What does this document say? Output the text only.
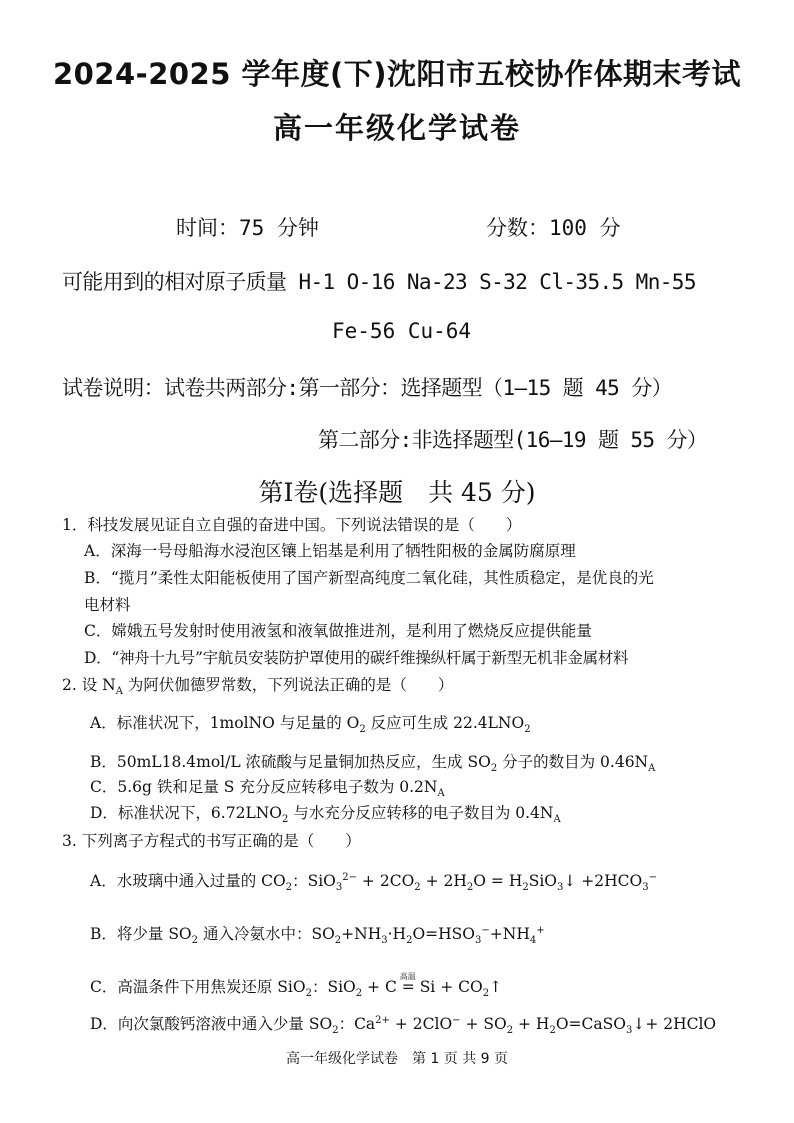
2024-2025 学年度(下)沈阳市五校协作体期末考试
高一年级化学试卷
时间：75 分钟	分数：100 分
可能用到的相对原子质量 H-1 O-16 Na-23 S-32 Cl-35.5 Mn-55
Fe-56 Cu-64
试卷说明：试卷共两部分:第一部分：选择题型（1—15 题 45 分）
第二部分:非选择题型(16—19 题 55 分）
第Ⅰ卷(选择题　共 45 分)
1．科技发展见证自立自强的奋进中国。下列说法错误的是（　　）
A．深海一号母船海水浸泡区镶上铝基是利用了牺牲阳极的金属防腐原理
B．“揽月”柔性太阳能板使用了国产新型高纯度二氧化硅，其性质稳定，是优良的光
电材料
C．嫦娥五号发射时使用液氢和液氧做推进剂，是利用了燃烧反应提供能量
D．“神舟十九号”宇航员安装防护罩使用的碳纤维操纵杆属于新型无机非金属材料
2. 设 $N_A$ 为阿伏伽德罗常数，下列说法正确的是（　　）
A．标准状况下，1molNO 与足量的 $O_2$ 反应可生成 $22.4LNO_2$
B．50mL18.4mol/L 浓硫酸与足量铜加热反应，生成 $SO_2$ 分子的数目为 $0.46N_A$
C．5.6g 铁和足量 S 充分反应转移电子数为 $0.2N_A$
D．标准状况下，$6.72LNO_2$ 与水充分反应转移的电子数目为 $0.4N_A$
3. 下列离子方程式的书写正确的是（　　）
A．水玻璃中通入过量的 $CO_2$：$SiO_3^{2-} + 2CO_2 + 2H_2O$ = $H_2SiO_3↓ +2HCO_3^-$
B．将少量 $SO_2$ 通入冷氨水中：$SO_2+NH_3\cdot H_2O=HSO_3^-+NH_4^+$
C．高温条件下用焦炭还原 SiO$_2$：SiO$_2$ + C
高温
= $Si + CO_2↑$
D．向次氯酸钙溶液中通入少量 $SO_2$：$Ca^{2+} + 2ClO^- + SO_2$ + $H_2O=CaSO_3↓+$ 2HClO
高一年级化学试卷　第 1 页 共 9 页
